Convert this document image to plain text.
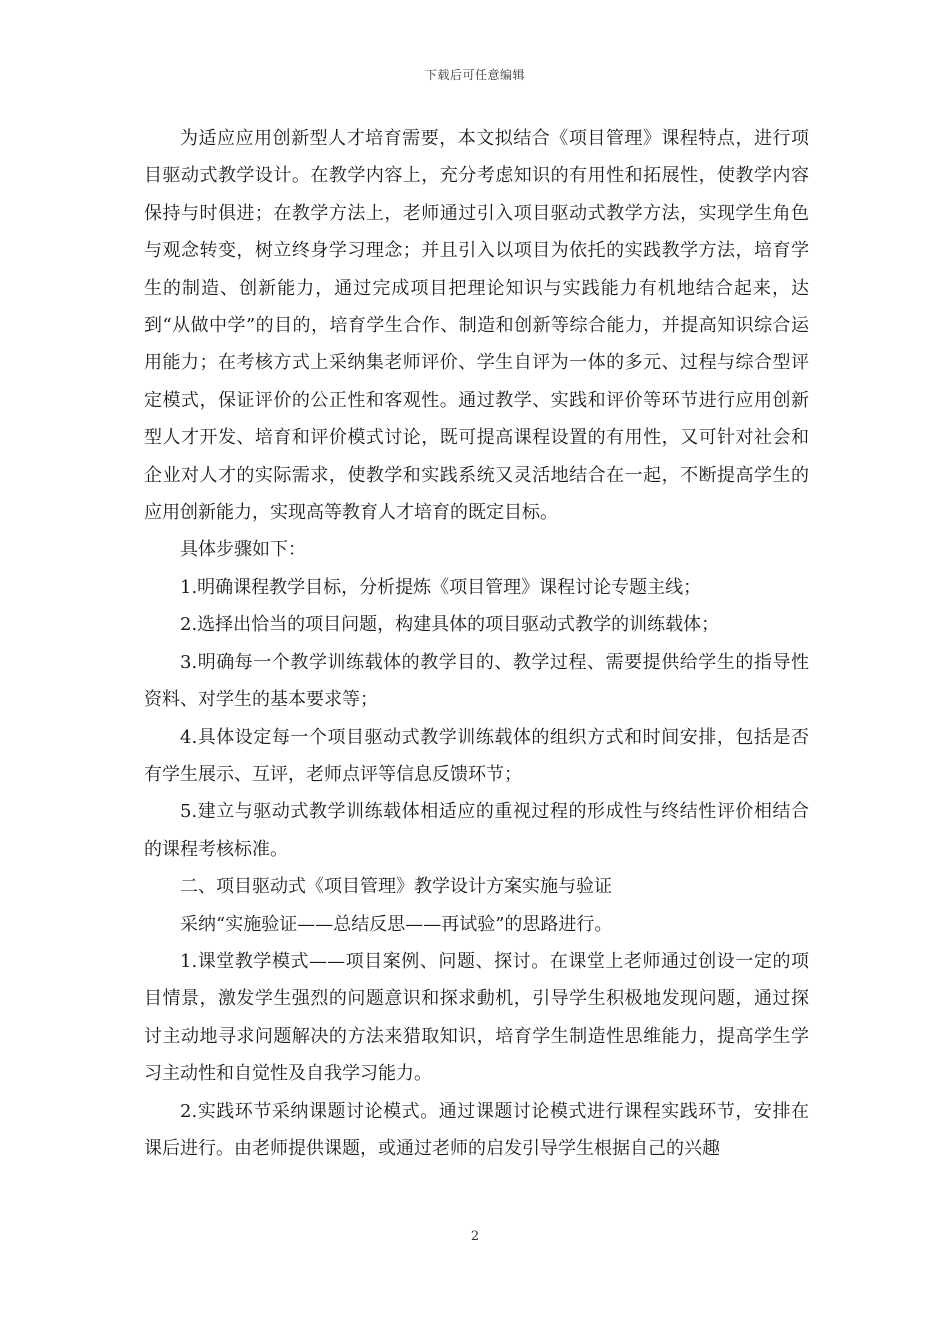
下载后可任意编辑

为适应应用创新型人才培育需要，本文拟结合《项目管理》课程特点，进行项目驱动式教学设计。在教学内容上，充分考虑知识的有用性和拓展性，使教学内容保持与时俱进；在教学方法上，老师通过引入项目驱动式教学方法，实现学生角色与观念转变，树立终身学习理念；并且引入以项目为依托的实践教学方法，培育学生的制造、创新能力，通过完成项目把理论知识与实践能力有机地结合起来，达到“从做中学”的目的，培育学生合作、制造和创新等综合能力，并提高知识综合运用能力；在考核方式上采纳集老师评价、学生自评为一体的多元、过程与综合型评定模式，保证评价的公正性和客观性。通过教学、实践和评价等环节进行应用创新型人才开发、培育和评价模式讨论，既可提高课程设置的有用性，又可针对社会和企业对人才的实际需求，使教学和实践系统又灵活地结合在一起，不断提高学生的应用创新能力，实现高等教育人才培育的既定目标。

具体步骤如下：

1.明确课程教学目标，分析提炼《项目管理》课程讨论专题主线；

2.选择出恰当的项目问题，构建具体的项目驱动式教学的训练载体；

3.明确每一个教学训练载体的教学目的、教学过程、需要提供给学生的指导性资料、对学生的基本要求等；

4.具体设定每一个项目驱动式教学训练载体的组织方式和时间安排，包括是否有学生展示、互评，老师点评等信息反馈环节；

5.建立与驱动式教学训练载体相适应的重视过程的形成性与终结性评价相结合的课程考核标准。

二、项目驱动式《项目管理》教学设计方案实施与验证

采纳“实施验证——总结反思——再试验”的思路进行。

1.课堂教学模式——项目案例、问题、探讨。在课堂上老师通过创设一定的项目情景，激发学生强烈的问题意识和探求動机，引导学生积极地发现问题，通过探讨主动地寻求问题解决的方法来猎取知识，培育学生制造性思维能力，提高学生学习主动性和自觉性及自我学习能力。

2.实践环节采纳课题讨论模式。通过课题讨论模式进行课程实践环节，安排在课后进行。由老师提供课题，或通过老师的启发引导学生根据自己的兴趣

2
